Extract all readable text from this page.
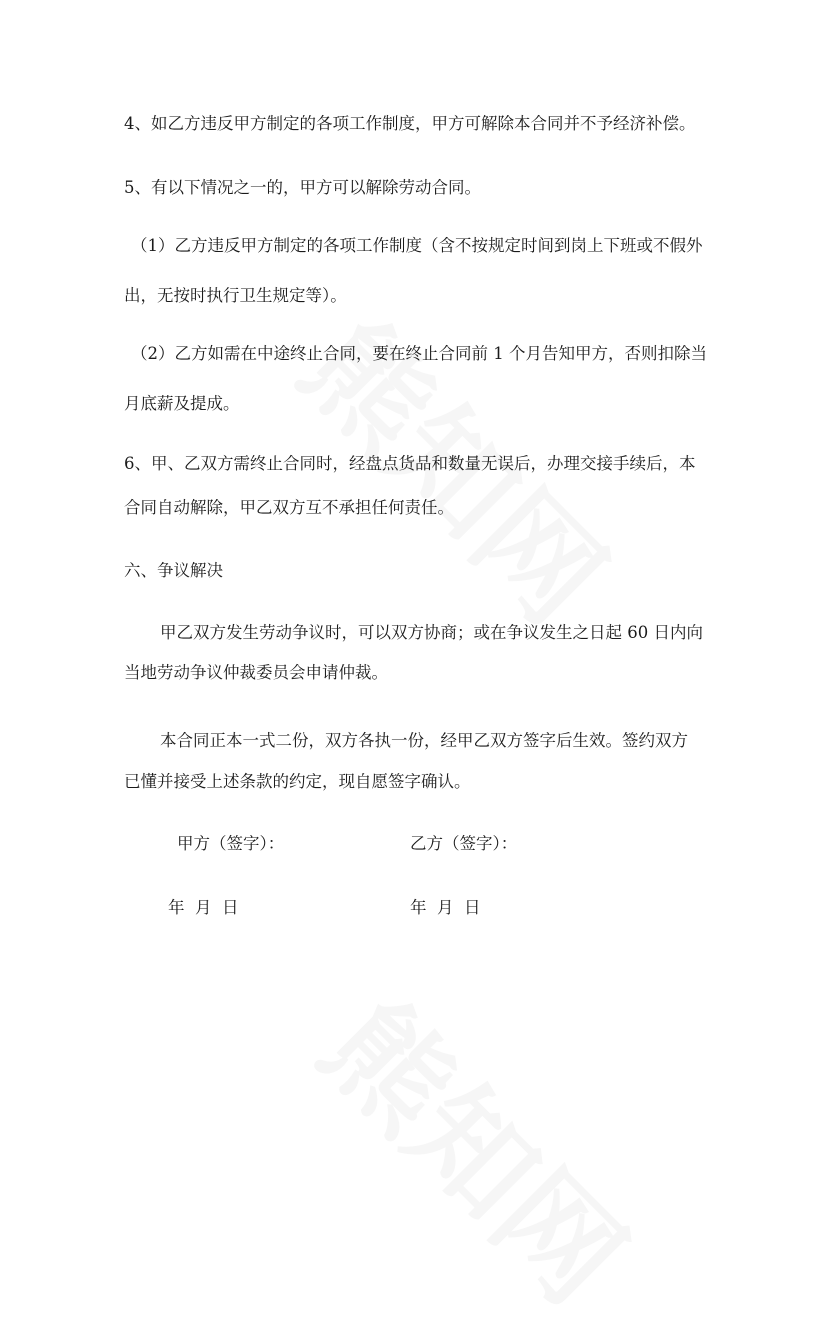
4、如乙方违反甲方制定的各项工作制度，甲方可解除本合同并不予经济补偿。
5、有以下情况之一的，甲方可以解除劳动合同。
（1）乙方违反甲方制定的各项工作制度（含不按规定时间到岗上下班或不假外
出，无按时执行卫生规定等）。
（2）乙方如需在中途终止合同，要在终止合同前 1 个月告知甲方，否则扣除当
月底薪及提成。
6、甲、乙双方需终止合同时，经盘点货品和数量无误后，办理交接手续后，本
合同自动解除，甲乙双方互不承担任何责任。
六、争议解决
甲乙双方发生劳动争议时，可以双方协商；或在争议发生之日起 60 日内向
当地劳动争议仲裁委员会申请仲裁。
本合同正本一式二份，双方各执一份，经甲乙双方签字后生效。签约双方
已懂并接受上述条款的约定，现自愿签字确认。
甲方（签字）：	乙方（签字）：
年  月  日	年  月  日
